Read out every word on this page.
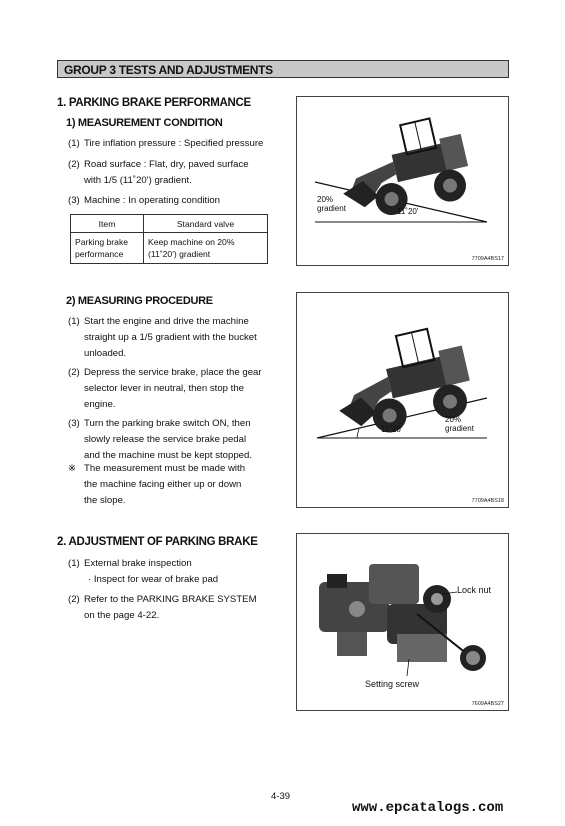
GROUP 3 TESTS AND ADJUSTMENTS
1. PARKING BRAKE PERFORMANCE
1) MEASUREMENT CONDITION
(1) Tire inflation pressure : Specified pressure
(2) Road surface : Flat, dry, paved surface
with 1/5 (11˚20') gradient.
(3) Machine : In operating condition
Item	Standard valve
Parking brake
performance	Keep machine on 20%
(11˚20') gradient
20%
gradient	11˚20'
7709A4BS17
2) MEASURING PROCEDURE
(1) Start the engine and drive the machine
straight up a 1/5 gradient with the bucket
unloaded.
(2) Depress the service brake, place the gear
selector lever in neutral, then stop the
engine.
(3) Turn the parking brake switch ON, then
slowly release the service brake pedal
and the machine must be kept stopped.
※ The measurement must be made with
the machine facing either up or down
the slope.
11˚20'
20%
gradient
7709A4BS18
2. ADJUSTMENT OF PARKING BRAKE
(1) External brake inspection
· Inspect for wear of brake pad
(2) Refer to the PARKING BRAKE SYSTEM
on the page 4-22.
Lock nut
Setting screw
7609A4BS27
4-39
www.epcatalogs.com
